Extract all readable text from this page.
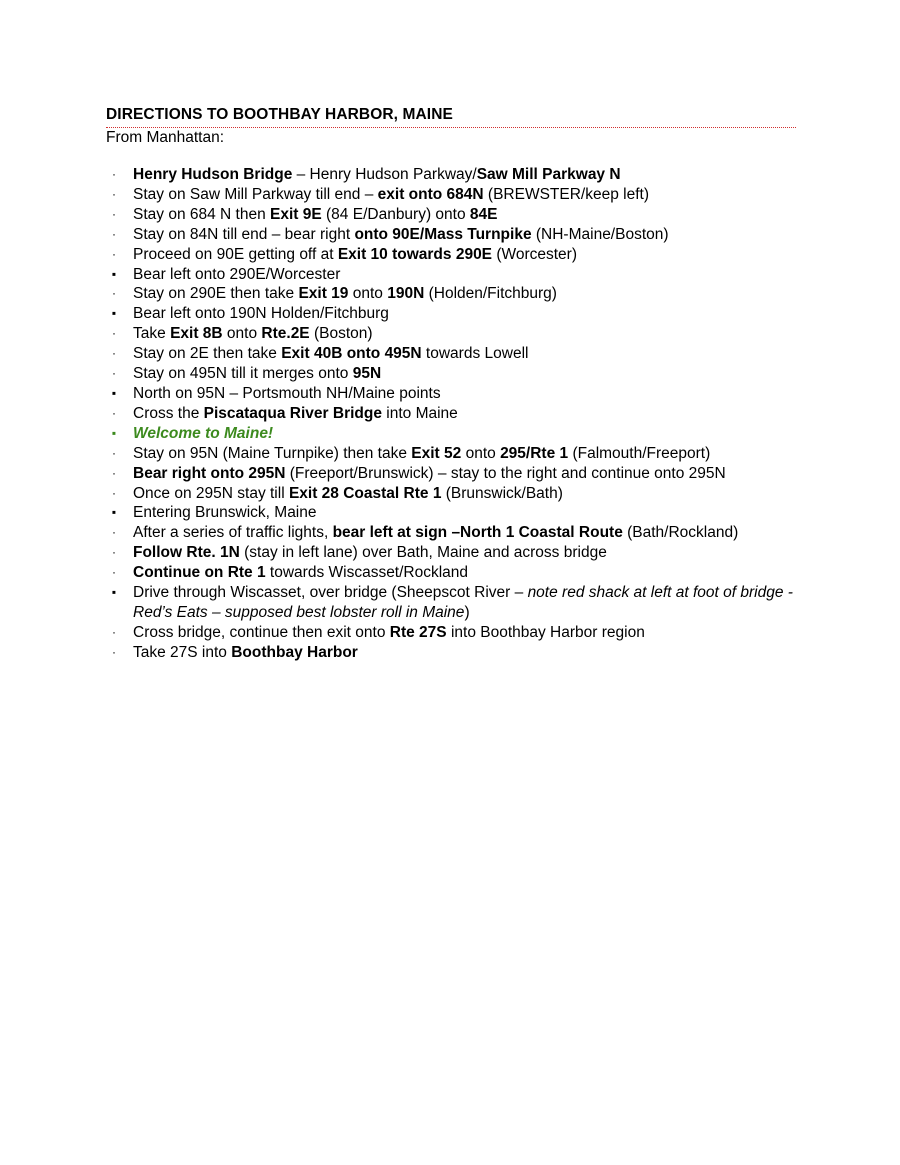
DIRECTIONS TO BOOTHBAY HARBOR, MAINE
From Manhattan:
· Henry Hudson Bridge – Henry Hudson Parkway/Saw Mill Parkway N
· Stay on Saw Mill Parkway till end – exit onto 684N (BREWSTER/keep left)
· Stay on 684 N then Exit 9E (84 E/Danbury) onto 84E
· Stay on 84N till end – bear right onto 90E/Mass Turnpike (NH-Maine/Boston)
· Proceed on 90E getting off at Exit 10 towards 290E (Worcester)
▪ Bear left onto 290E/Worcester
· Stay on 290E then take Exit 19 onto 190N (Holden/Fitchburg)
▪ Bear left onto 190N Holden/Fitchburg
· Take Exit 8B onto Rte.2E (Boston)
· Stay on 2E then take Exit 40B onto 495N towards Lowell
· Stay on 495N till it merges onto 95N
▪ North on 95N – Portsmouth NH/Maine points
· Cross the Piscataqua River Bridge into Maine
▪ Welcome to Maine!
· Stay on 95N (Maine Turnpike) then take Exit 52 onto 295/Rte 1 (Falmouth/Freeport)
· Bear right onto 295N (Freeport/Brunswick) – stay to the right and continue onto 295N
· Once on 295N stay till Exit 28 Coastal Rte 1 (Brunswick/Bath)
▪ Entering Brunswick, Maine
· After a series of traffic lights, bear left at sign –North 1 Coastal Route (Bath/Rockland)
· Follow Rte. 1N (stay in left lane) over Bath, Maine and across bridge
· Continue on Rte 1 towards Wiscasset/Rockland
▪ Drive through Wiscasset, over bridge (Sheepscot River – note red shack at left at foot of bridge - Red’s Eats – supposed best lobster roll in Maine)
· Cross bridge, continue then exit onto Rte 27S into Boothbay Harbor region
· Take 27S into Boothbay Harbor
